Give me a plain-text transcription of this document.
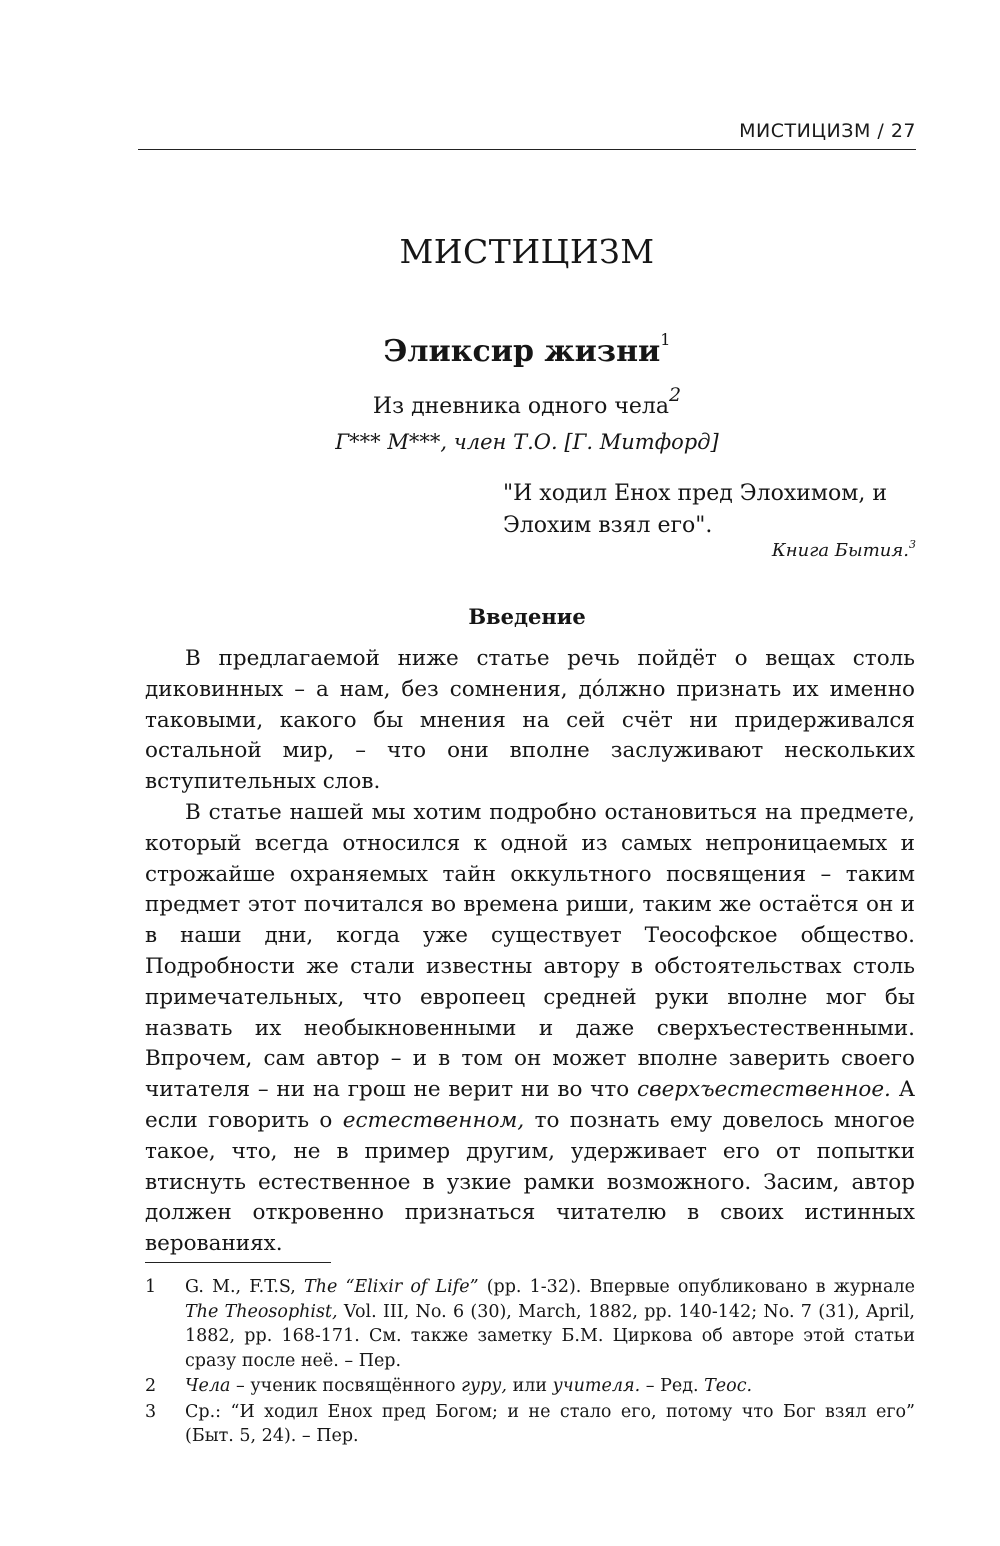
МИСТИЦИЗМ / 27
МИСТИЦИЗМ
Эликсир жизни$^1$
Из дневника одного чела$^2$
Г*** М***, член Т.О. [Г. Митфорд]
"И ходил Енох пред Элохимом, и
Элохим взял его".
Книга Бытия.$^3$
Введение

В предлагаемой ниже статье речь пойдёт о вещах столь диковинных – а нам, без сомнения, дóлжно признать их именно таковыми, какого бы мнения на сей счёт ни придерживался остальной мир, – что они вполне заслуживают нескольких вступительных слов.

В статье нашей мы хотим подробно остановиться на предмете, который всегда относился к одной из самых непроницаемых и строжайше охраняемых тайн оккультного посвящения – таким предмет этот почитался во времена риши, таким же остаётся он и в наши дни, когда уже существует Теософское общество. Подробности же стали известны автору в обстоятельствах столь примечательных, что европеец средней руки вполне мог бы назвать их необыкновенными и даже сверхъестественными. Впрочем, сам автор – и в том он может вполне заверить своего читателя – ни на грош не верит ни во что сверхъестественное. А если говорить о естественном, то познать ему довелось многое такое, что, не в пример другим, удерживает его от попытки втиснуть естественное в узкие рамки возможного. Засим, автор должен откровенно признаться читателю в своих истинных верованиях.

1	G. M., F.T.S, The “Elixir of Life” (pp. 1-32). Впервые опубликовано в журнале The Theosophist, Vol. III, No. 6 (30), March, 1882, pp. 140-142; No. 7 (31), April, 1882, pp. 168-171. См. также заметку Б.М. Циркова об авторе этой статьи сразу после неё. – Пер.
2	Чела – ученик посвящённого гуру, или учителя. – Ред. Теос.
3	Ср.: “И ходил Енох пред Богом; и не стало его, потому что Бог взял его” (Быт. 5, 24). – Пер.
